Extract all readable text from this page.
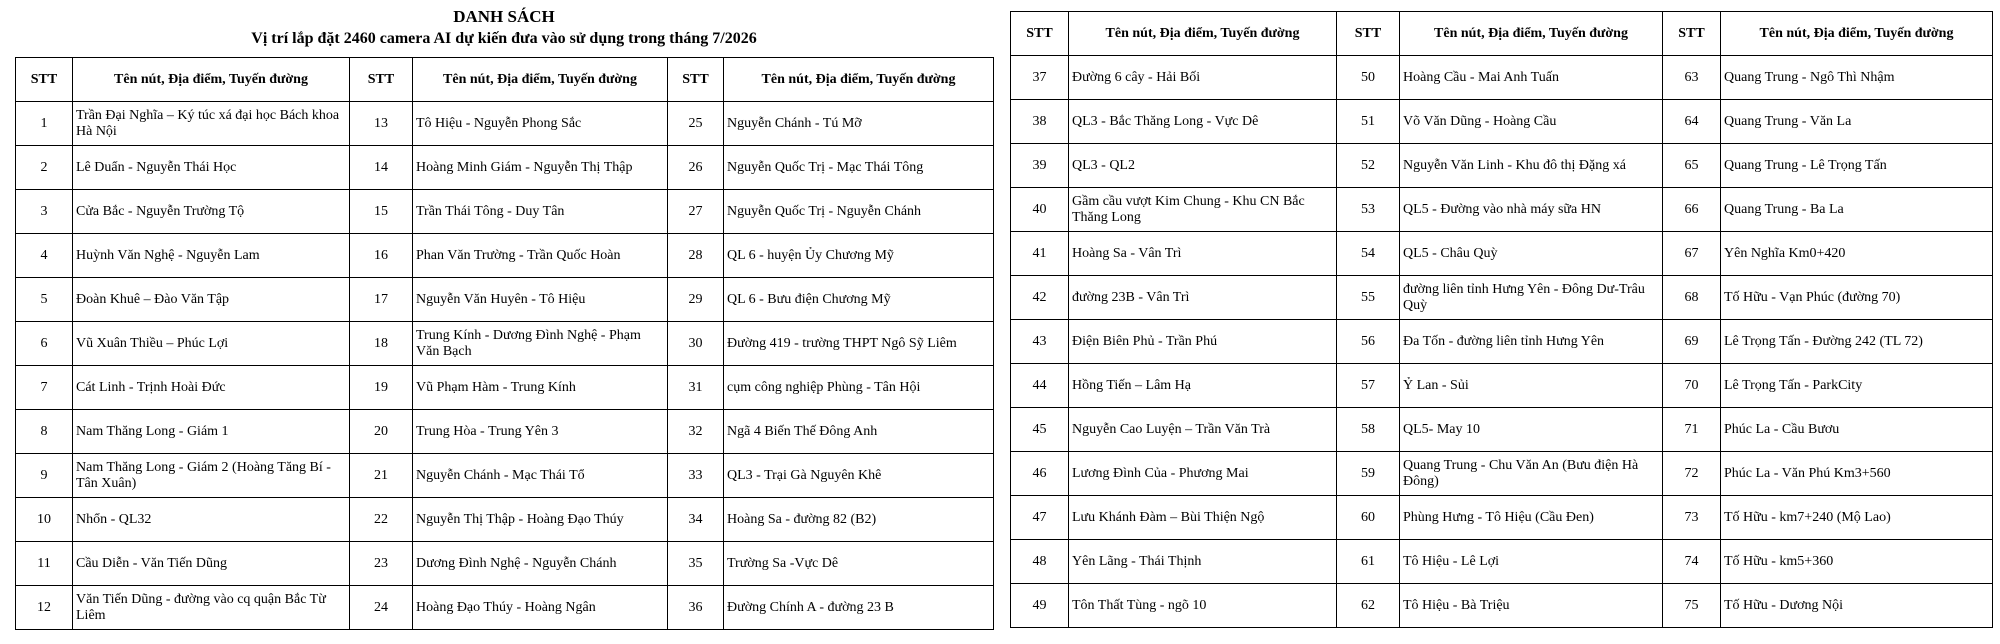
DANH SÁCH
Vị trí lắp đặt 2460 camera AI dự kiến đưa vào sử dụng trong tháng 7/2026
STT	Tên nút, Địa điểm, Tuyến đường	STT	Tên nút, Địa điểm, Tuyến đường	STT	Tên nút, Địa điểm, Tuyến đường
1	Trần Đại Nghĩa – Ký túc xá đại học Bách khoa Hà Nội	13	Tô Hiệu - Nguyễn Phong Sắc	25	Nguyễn Chánh - Tú Mỡ
2	Lê Duẩn - Nguyễn Thái Học	14	Hoàng Minh Giám - Nguyễn Thị Thập	26	Nguyễn Quốc Trị - Mạc Thái Tông
3	Cửa Bắc - Nguyễn Trường Tộ	15	Trần Thái Tông - Duy Tân	27	Nguyễn Quốc Trị - Nguyễn Chánh
4	Huỳnh Văn Nghệ - Nguyễn Lam	16	Phan Văn Trường - Trần Quốc Hoàn	28	QL 6 - huyện Ủy Chương Mỹ
5	Đoàn Khuê – Đào Văn Tập	17	Nguyễn Văn Huyên - Tô Hiệu	29	QL 6 - Bưu điện Chương Mỹ
6	Vũ Xuân Thiều – Phúc Lợi	18	Trung Kính - Dương Đình Nghệ - Phạm Văn Bạch	30	Đường 419 - trường THPT Ngô Sỹ Liêm
7	Cát Linh - Trịnh Hoài Đức	19	Vũ Phạm Hàm - Trung Kính	31	cụm công nghiệp Phùng - Tân Hội
8	Nam Thăng Long - Giám 1	20	Trung Hòa - Trung Yên 3	32	Ngã 4 Biến Thế Đông Anh
9	Nam Thăng Long - Giám 2 (Hoàng Tăng Bí - Tân Xuân)	21	Nguyễn Chánh - Mạc Thái Tổ	33	QL3 - Trại Gà Nguyên Khê
10	Nhổn - QL32	22	Nguyễn Thị Thập - Hoàng Đạo Thúy	34	Hoàng Sa - đường 82 (B2)
11	Cầu Diễn - Văn Tiến Dũng	23	Dương Đình Nghệ - Nguyễn Chánh	35	Trường Sa -Vực Dê
12	Văn Tiến Dũng - đường vào cq quận Bắc Từ Liêm	24	Hoàng Đạo Thúy - Hoàng Ngân	36	Đường Chính A - đường 23 B
STT	Tên nút, Địa điểm, Tuyến đường	STT	Tên nút, Địa điểm, Tuyến đường	STT	Tên nút, Địa điểm, Tuyến đường
37	Đường 6 cây - Hải Bối	50	Hoàng Cầu - Mai Anh Tuấn	63	Quang Trung - Ngô Thì Nhậm
38	QL3 - Bắc Thăng Long - Vực Dê	51	Võ Văn Dũng - Hoàng Cầu	64	Quang Trung - Văn La
39	QL3 - QL2	52	Nguyễn Văn Linh - Khu đô thị Đặng xá	65	Quang Trung - Lê Trọng Tấn
40	Gầm cầu vượt Kim Chung - Khu CN Bắc Thăng Long	53	QL5 - Đường vào nhà máy sữa HN	66	Quang Trung - Ba La
41	Hoàng Sa - Vân Trì	54	QL5 - Châu Quỳ	67	Yên Nghĩa Km0+420
42	đường 23B - Vân Trì	55	đường liên tỉnh Hưng Yên - Đông Dư-Trâu Quỳ	68	Tố Hữu - Vạn Phúc (đường 70)
43	Điện Biên Phủ - Trần Phú	56	Đa Tốn - đường liên tỉnh Hưng Yên	69	Lê Trọng Tấn - Đường 242 (TL 72)
44	Hồng Tiến – Lâm Hạ	57	Ỷ Lan - Sủi	70	Lê Trọng Tấn - ParkCity
45	Nguyễn Cao Luyện – Trần Văn Trà	58	QL5- May 10	71	Phúc La - Cầu Bươu
46	Lương Đình Của - Phương Mai	59	Quang Trung - Chu Văn An (Bưu điện Hà Đông)	72	Phúc La - Văn Phú Km3+560
47	Lưu Khánh Đàm – Bùi Thiện Ngộ	60	Phùng Hưng - Tô Hiệu (Cầu Đen)	73	Tố Hữu - km7+240 (Mộ Lao)
48	Yên Lãng - Thái Thịnh	61	Tô Hiệu - Lê Lợi	74	Tố Hữu - km5+360
49	Tôn Thất Tùng - ngõ 10	62	Tô Hiệu - Bà Triệu	75	Tố Hữu - Dương Nội
